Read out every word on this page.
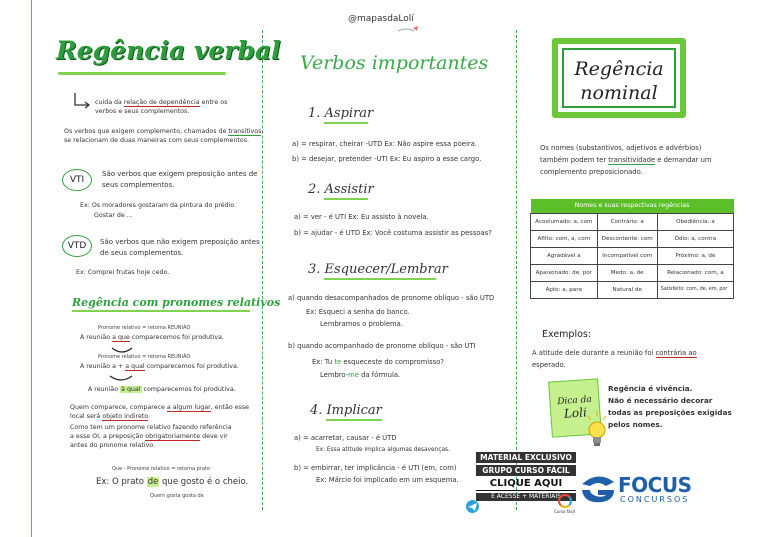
@mapasdaLolí
Regência verbal
cuida da relação de dependência entre os
verbos e seus complementos.
Os verbos que exigem complemento, chamados de transitivos,
se relacionam de duas maneiras com seus complementos.
VTI
São verbos que exigem preposição antes de
seus complementos.
Ex: Os moradores gostaram da pintura do prédio.
Gostar de ...
VTD	São verbos que não exigem preposição antes
de seus complementos.
Ex: Comprei frutas hoje cedo.
Regência com pronomes relativos
Pronome relativo = retoma REUNIÃO
A reunião a que comparecemos foi produtiva.
Pronome relativo = retoma REUNIÃO
A reunião a + a qual comparecemos foi produtiva.
A reunião à qual comparecemos foi produtiva.
Quem comparece, comparece a algum lugar, então esse
local será objeto indireto.
Como tem um pronome relativo fazendo referência
a esse OI, a preposição obrigatoriamente deve vir
antes do pronome relativo.
Que - Pronome relativo = retoma prato
Ex: O prato de que gosto é o cheio.
Quem gosta gosta de
Verbos importantes
1. Aspirar
a) = respirar, cheirar -UTD Ex: Não aspire essa poeira.
b) = desejar, pretender -UTI Ex: Eu aspiro a esse cargo.
2. Assistir
a) = ver - é UTI Ex: Eu assisto à novela.
b) = ajudar - é UTD Ex: Você costuma assistir as pessoas?
3. Esquecer/Lembrar
a) quando desacompanhados de pronome oblíquo - são UTD
Ex: Esqueci a senha do banco.
Lembramos o problema.
b) quando acompanhado de pronome oblíquo - são UTI
Ex: Tu te esqueceste do compromisso?
Lembro-me da fórmula.
4. Implicar
a) = acarretar, causar - é UTD
Ex: Essa atitude implica algumas desavenças.
b) = embirrar, ter implicância - é UTI (em, com)
Ex: Márcio foi implicado em um esquema.
Regência
nominal
Os nomes (substantivos, adjetivos e advérbios)
também podem ter transitividade e demandar um
complemento preposicionado.
Nomes e suas respectivas regências		
Acostumado: a, com	Contrário: a	Obediência: a
Aflito: com, a, com	Descontente: com	Ódio: a, contra
Agradável a	Incompatível com	Próximo: a, de
Apaixonado: de, por	Medo: a, de	Relacionado: com, a
Apto: a, para	Natural de	Satisfeito: com, de, em, por
Exemplos:
A atitude dele durante a reunião foi contrária ao
esperado.
Dica da
Loli
Regência é vivência.
Não é necessário decorar
todas as preposições exigidas
pelos nomes.
MATERIAL EXCLUSIVO
GRUPO CURSO FÁCIL
CLIQUE AQUI
E ACESSE + MATERIAIS
Curso fácil
FOCUS
CONCURSOS
